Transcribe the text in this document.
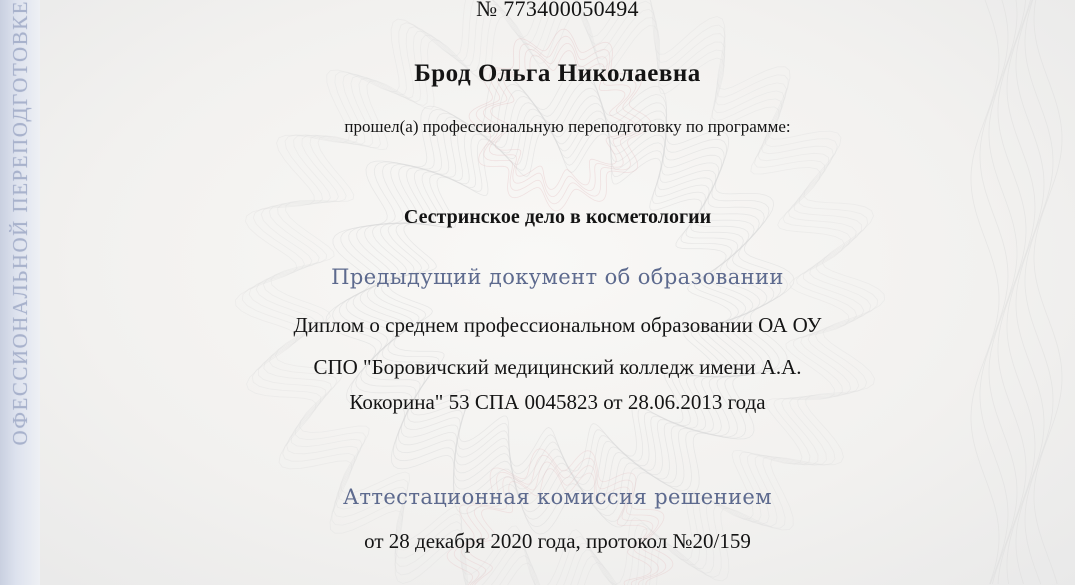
ОФЕССИОНАЛЬНОЙ ПЕРЕПОДГОТОВКЕ	№ 773400050494
Брод Ольга Николаевна
прошел(а) профессиональную переподготовку по программе:
Сестринское дело в косметологии
Предыдущий документ об образовании
Диплом о среднем профессиональном образовании ОА ОУ
СПО "Боровичский медицинский колледж имени А.А.
Кокорина" 53 СПА 0045823 от 28.06.2013 года
Аттестационная комиссия решением
от 28 декабря 2020 года, протокол №20/159
